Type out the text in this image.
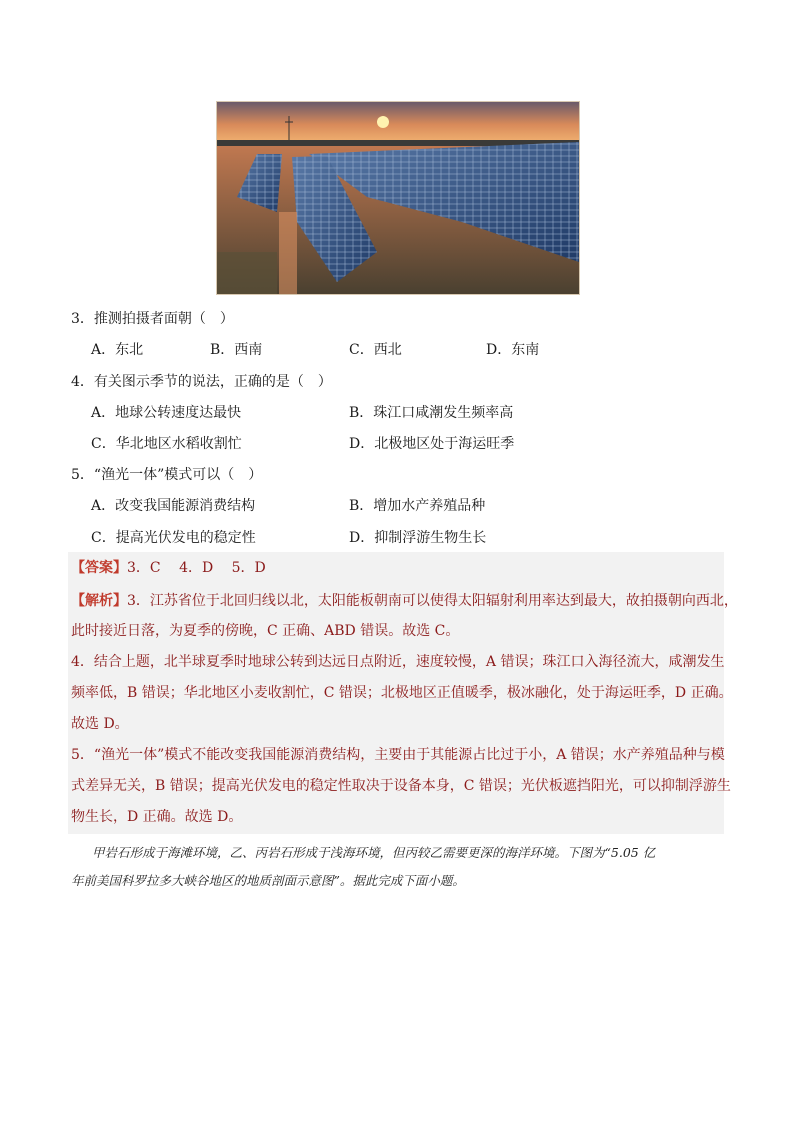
3．推测拍摄者面朝（　）
A．东北	B．西南	C．西北	D．东南
4．有关图示季节的说法，正确的是（　）
A．地球公转速度达最快	B．珠江口咸潮发生频率高
C．华北地区水稻收割忙	D．北极地区处于海运旺季
5．“渔光一体”模式可以（　）
A．改变我国能源消费结构	B．增加水产养殖品种
C．提高光伏发电的稳定性	D．抑制浮游生物生长
【答案】3．C　 4．D　 5．D
【解析】3．江苏省位于北回归线以北，太阳能板朝南可以使得太阳辐射利用率达到最大，故拍摄朝向西北，
此时接近日落，为夏季的傍晚，C 正确、ABD 错误。故选 C。
4．结合上题，北半球夏季时地球公转到达远日点附近，速度较慢，A 错误；珠江口入海径流大，咸潮发生
频率低，B 错误；华北地区小麦收割忙，C 错误；北极地区正值暖季，极冰融化，处于海运旺季，D 正确。
故选 D。
5．“渔光一体”模式不能改变我国能源消费结构，主要由于其能源占比过于小，A 错误；水产养殖品种与模
式差异无关，B 错误；提高光伏发电的稳定性取决于设备本身，C 错误；光伏板遮挡阳光，可以抑制浮游生
物生长，D 正确。故选 D。
甲岩石形成于海滩环境，乙、丙岩石形成于浅海环境，但丙较乙需要更深的海洋环境。下图为“5.05 亿
年前美国科罗拉多大峡谷地区的地质剖面示意图”。据此完成下面小题。
